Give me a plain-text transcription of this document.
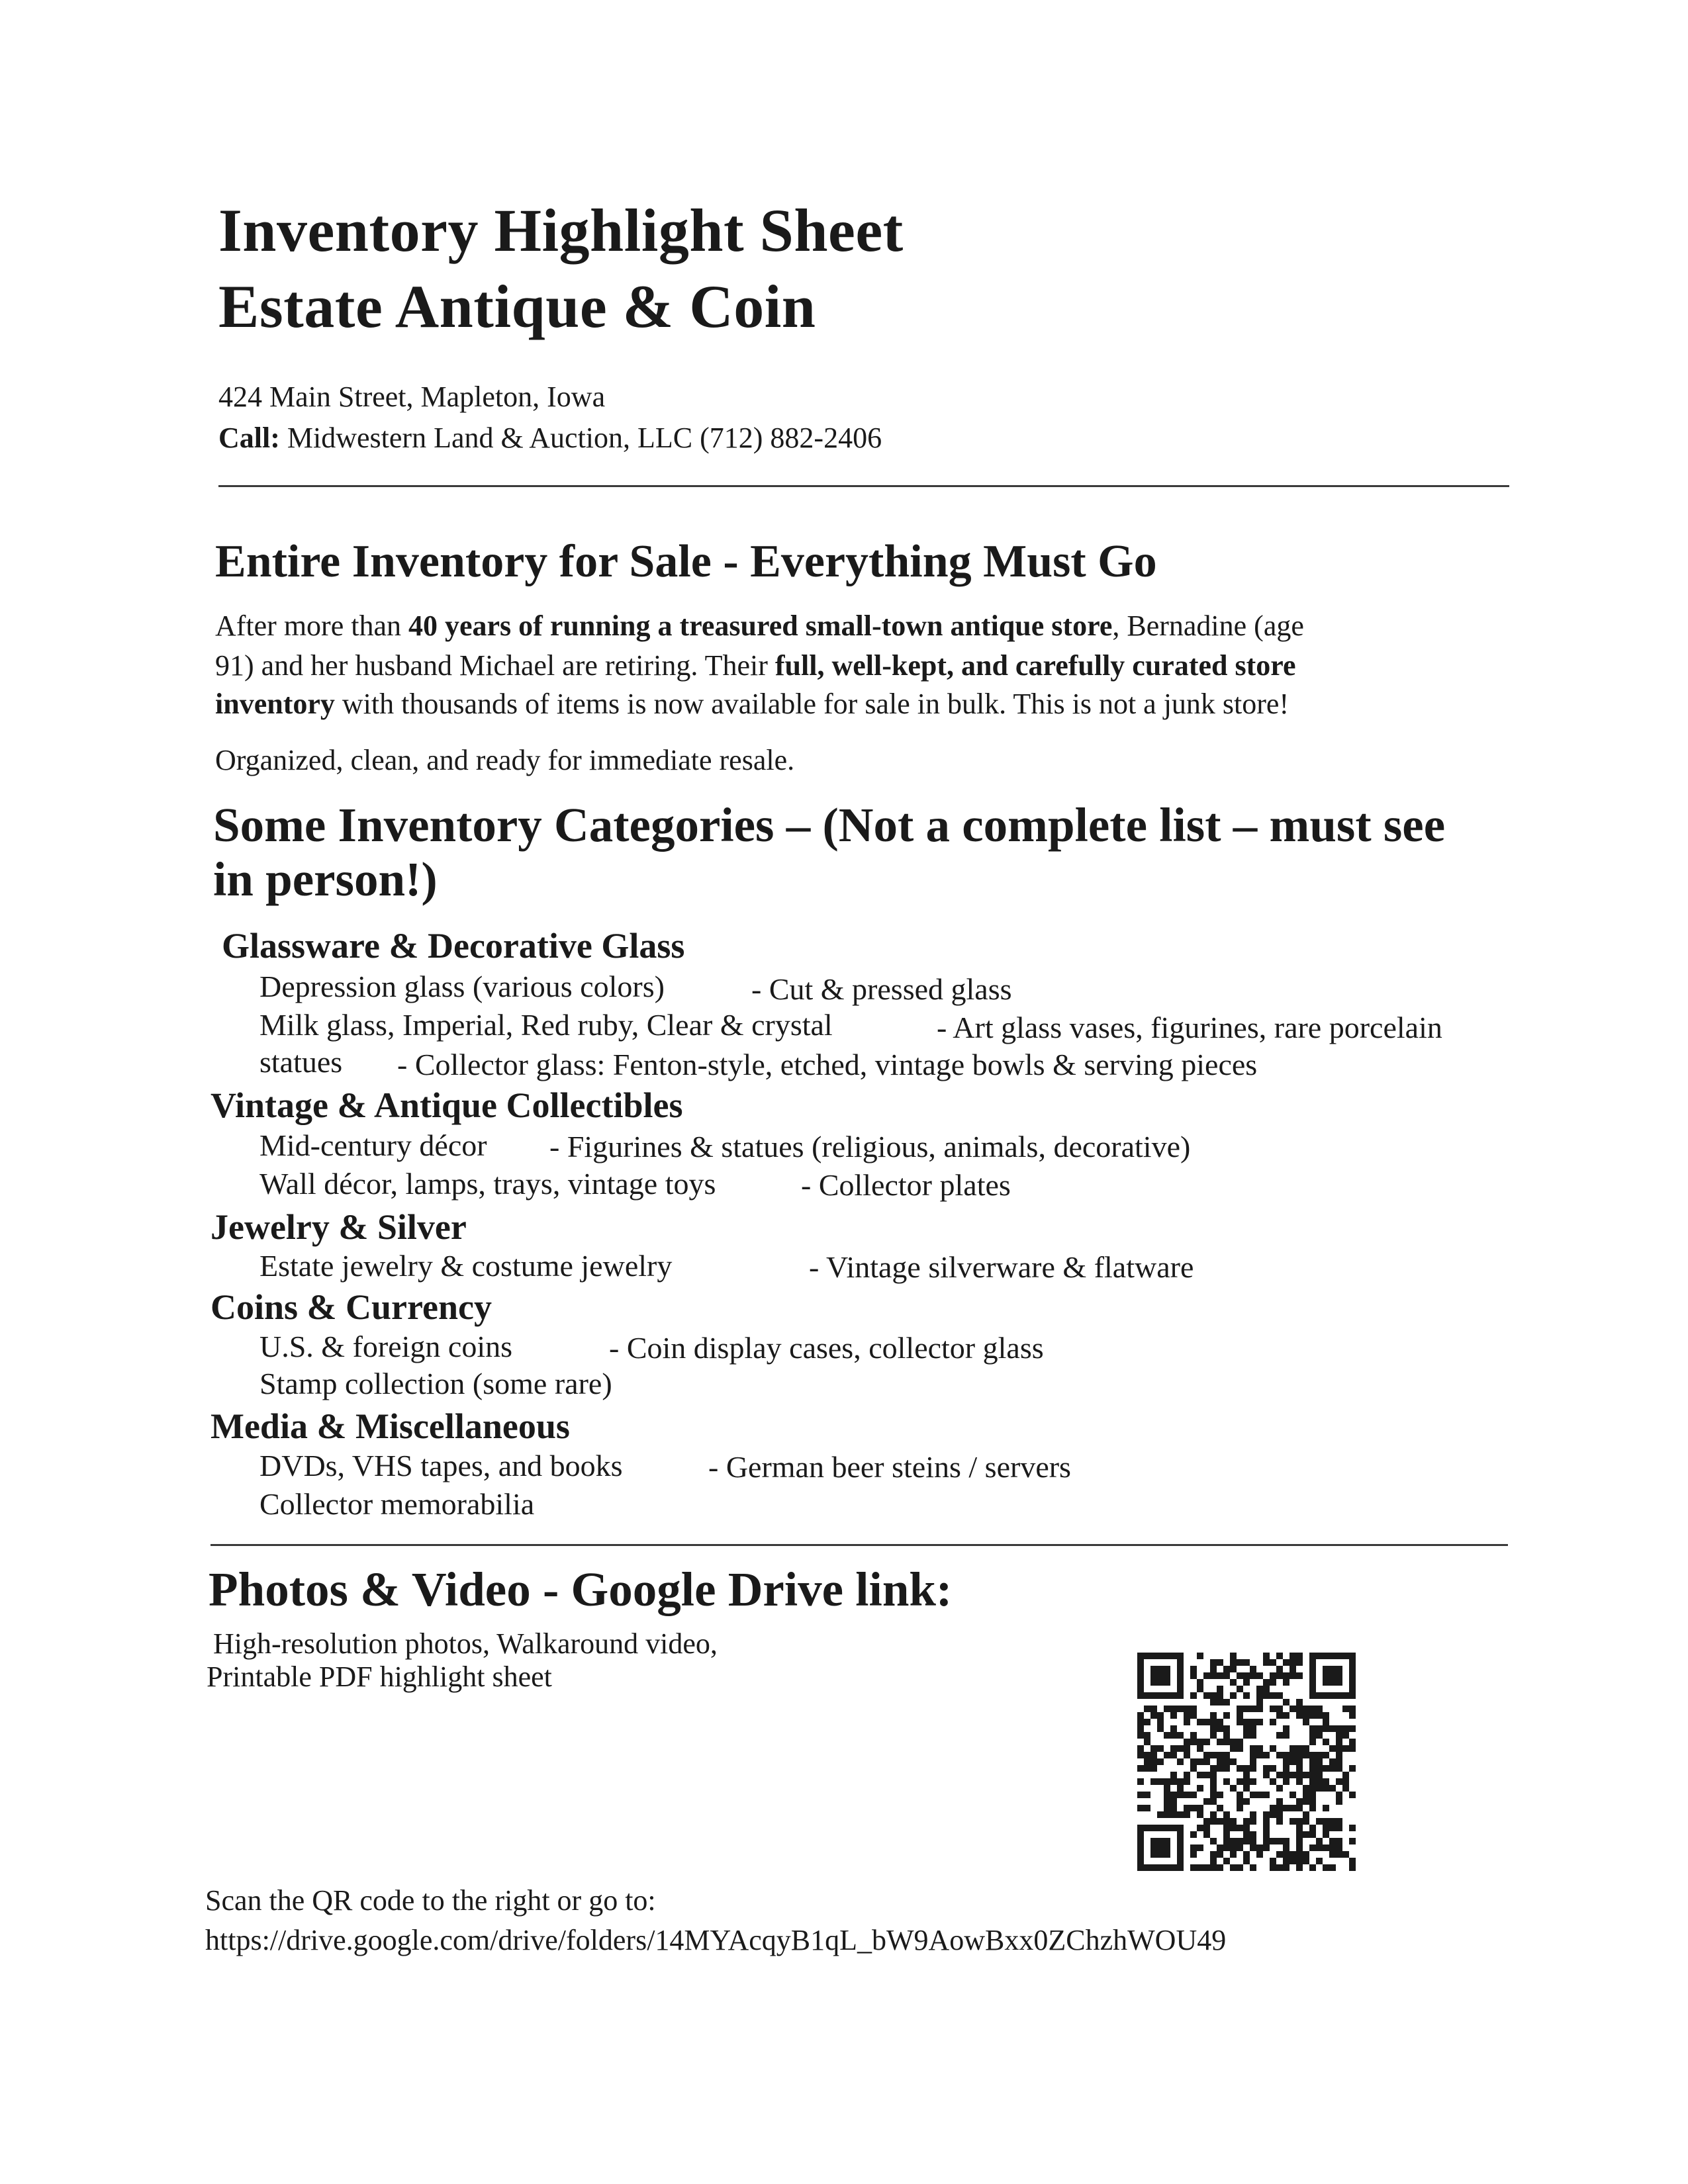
Inventory Highlight Sheet
Estate Antique & Coin
424 Main Street, Mapleton, Iowa
Call: Midwestern Land & Auction, LLC (712) 882-2406
Entire Inventory for Sale - Everything Must Go
After more than 40 years of running a treasured small-town antique store, Bernadine (age
91) and her husband Michael are retiring. Their full, well-kept, and carefully curated store
inventory with thousands of items is now available for sale in bulk. This is not a junk store!
Organized, clean, and ready for immediate resale.
Some Inventory Categories – (Not a complete list – must see
in person!)
Glassware & Decorative Glass
Depression glass (various colors)	- Cut & pressed glass
Milk glass, Imperial, Red ruby, Clear & crystal	- Art glass vases, figurines, rare porcelain
statues - Collector glass: Fenton-style, etched, vintage bowls & serving pieces
Vintage & Antique Collectibles
Mid-century décor - Figurines & statues (religious, animals, decorative)
Wall décor, lamps, trays, vintage toys	- Collector plates
Jewelry & Silver
Estate jewelry & costume jewelry	- Vintage silverware & flatware
Coins & Currency
U.S. & foreign coins	- Coin display cases, collector glass
Stamp collection (some rare)
Media & Miscellaneous
DVDs, VHS tapes, and books	- German beer steins / servers
Collector memorabilia
Photos & Video - Google Drive link:
High-resolution photos, Walkaround video,
Printable PDF highlight sheet
Scan the QR code to the right or go to:
https://drive.google.com/drive/folders/14MYAcqyB1qL_bW9AowBxx0ZChzhWOU49
